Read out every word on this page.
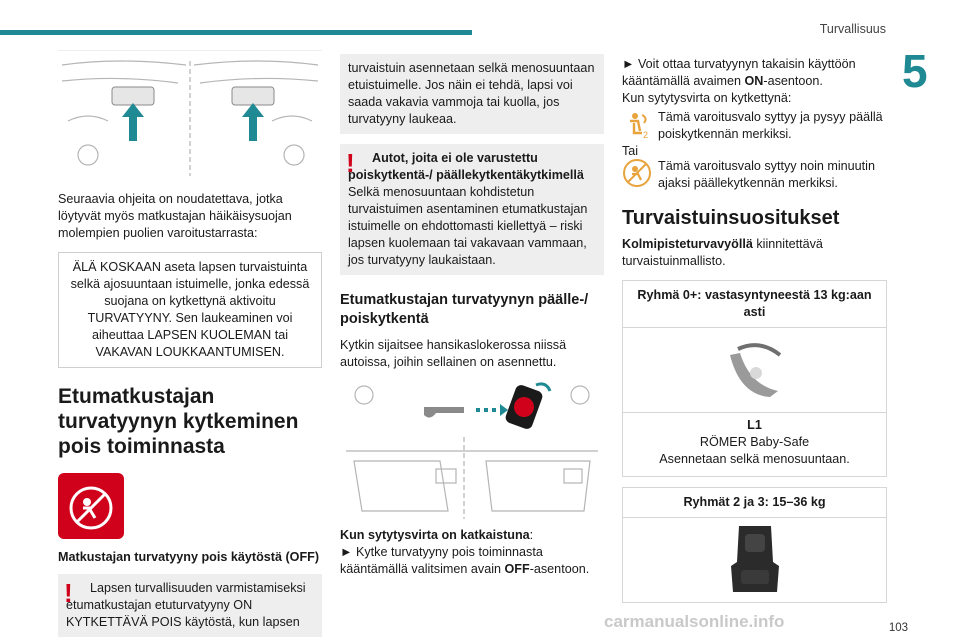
Turvallisuus
5
103

Seuraavia ohjeita on noudatettava, jotka löytyvät myös matkustajan häikäisysuojan molempien puolien varoitustarrasta:

ÄLÄ KOSKAAN aseta lapsen turvaistuinta selkä ajosuuntaan istuimelle, jonka edessä suojana on kytkettynä aktivoitu TURVATYYNY. Sen laukeaminen voi aiheuttaa LAPSEN KUOLEMAN tai VAKAVAN LOUKKAANTUMISEN.

Etumatkustajan turvatyynyn kytkeminen pois toiminnasta

Matkustajan turvatyyny pois käytöstä (OFF)

!	Lapsen turvallisuuden varmistamiseksi etumatkustajan etuturvatyyny ON KYTKETTÄVÄ POIS käytöstä, kun lapsen

turvaistuin asennetaan selkä menosuuntaan etuistuimelle. Jos näin ei tehdä, lapsi voi saada vakavia vammoja tai kuolla, jos turvatyyny laukeaa.

!	Autot, joita ei ole varustettu poiskytkentä-/ päällekytkentäkytkimellä

Selkä menosuuntaan kohdistetun turvaistuimen asentaminen etumatkustajan istuimelle on ehdottomasti kiellettyä – riski lapsen kuolemaan tai vakavaan vammaan, jos turvatyyny laukaistaan.

Etumatkustajan turvatyynyn päälle-/ poiskytkentä

Kytkin sijaitsee hansikaslokerossa niissä autoissa, joihin sellainen on asennettu.

Kun sytytysvirta on katkaistuna:

► Kytke turvatyyny pois toiminnasta kääntämällä valitsimen avain OFF-asentoon.

► Voit ottaa turvatyynyn takaisin käyttöön kääntämällä avaimen ON-asentoon.

Kun sytytysvirta on kytkettynä:

2

Tämä varoitusvalo syttyy ja pysyy päällä poiskytkennän merkiksi.

Tai

Tämä varoitusvalo syttyy noin minuutin ajaksi päällekytkennän merkiksi.

Turvaistuinsuositukset

Kolmipisteturvavyöllä kiinnitettävä turvaistuinmallisto.

Ryhmä 0+: vastasyntyneestä 13 kg:aan asti

L1

RÖMER Baby-Safe

Asennetaan selkä menosuuntaan.

Ryhmät 2 ja 3: 15–36 kg
carmanualsonline.info
